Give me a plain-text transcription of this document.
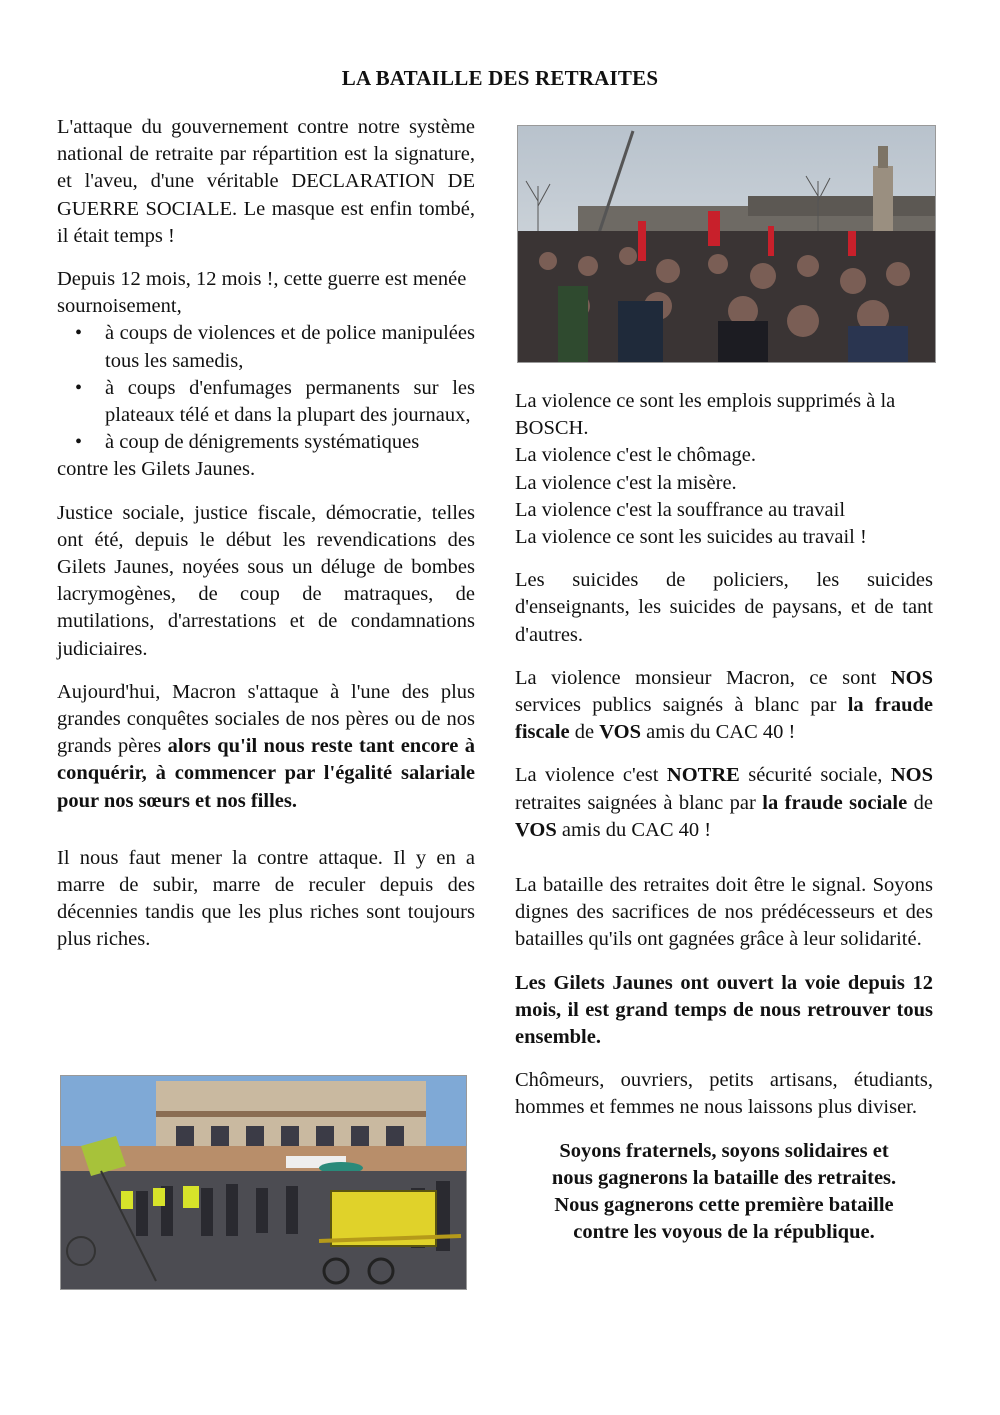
LA BATAILLE DES RETRAITES

L'attaque du gouvernement contre notre système national de retraite par répartition est la signature, et l'aveu, d'une véritable DECLARATION DE GUERRE SOCIALE. Le masque est enfin tombé, il était temps !

Depuis 12 mois, 12 mois !, cette guerre est menée sournoisement,
• à coups de violences et de police manipulées tous les samedis,
• à coups d'enfumages permanents sur les plateaux télé et dans la plupart des journaux,
• à coup de dénigrements systématiques
contre les Gilets Jaunes.

Justice sociale, justice fiscale, démocratie, telles ont été, depuis le début les revendications des Gilets Jaunes, noyées sous un déluge de bombes lacrymogènes, de coup de matraques, de mutilations, d'arrestations et de condamnations judiciaires.

Aujourd'hui, Macron s'attaque à l'une des plus grandes conquêtes sociales de nos pères ou de nos grands pères alors qu'il nous reste tant encore à conquérir, à commencer par l'égalité salariale pour nos sœurs et nos filles.

Il nous faut mener la contre attaque. Il y en a marre de subir, marre de reculer depuis des décennies tandis que les plus riches sont toujours plus riches.

La violence ce sont les emplois supprimés à la BOSCH.
La violence c'est le chômage.
La violence c'est la misère.
La violence c'est la souffrance au travail
La violence ce sont les suicides au travail !

Les suicides de policiers, les suicides d'enseignants, les suicides de paysans, et de tant d'autres.

La violence monsieur Macron, ce sont NOS services publics saignés à blanc par la fraude fiscale de VOS amis du CAC 40 !

La violence c'est NOTRE sécurité sociale, NOS retraites saignées à blanc par la fraude sociale de VOS amis du CAC 40 !

La bataille des retraites doit être le signal. Soyons dignes des sacrifices de nos prédécesseurs et des batailles qu'ils ont gagnées grâce à leur solidarité.

Les Gilets Jaunes ont ouvert la voie depuis 12 mois, il est grand temps de nous retrouver tous ensemble.

Chômeurs, ouvriers, petits artisans, étudiants, hommes et femmes ne nous laissons plus diviser.

Soyons fraternels, soyons solidaires et
nous gagnerons la bataille des retraites.
Nous gagnerons cette première bataille
contre les voyous de la république.
